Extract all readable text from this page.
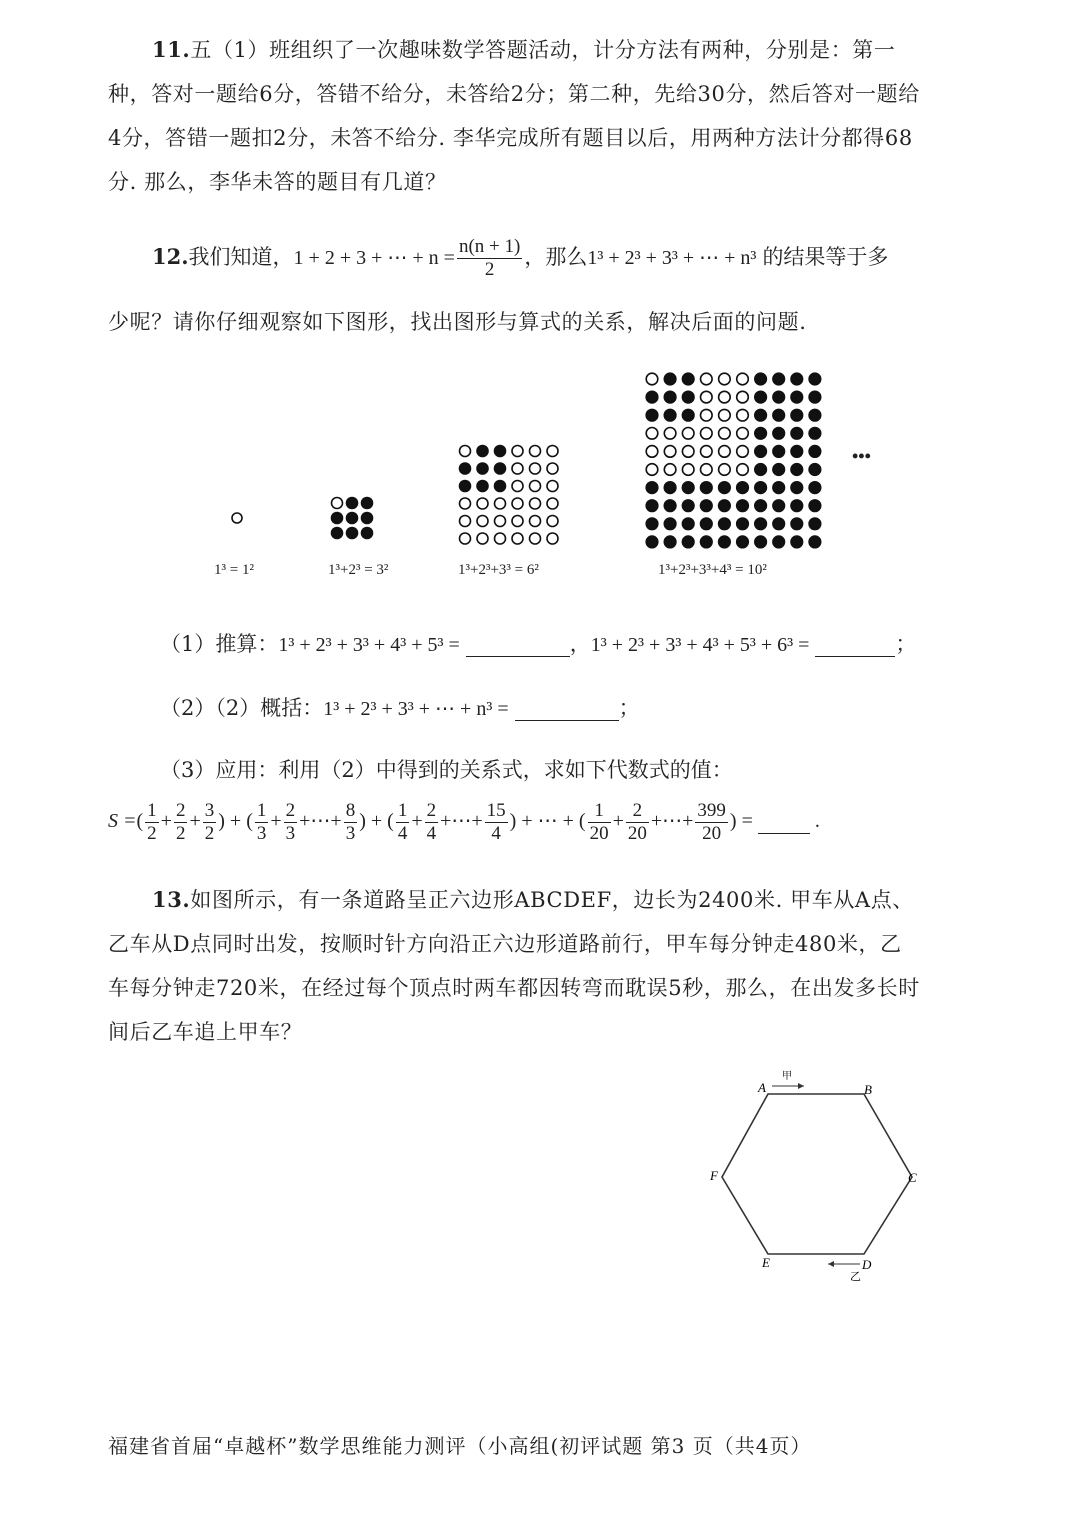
11.五（1）班组织了一次趣味数学答题活动，计分方法有两种，分别是：第一种，答对一题给6分，答错不给分，未答给2分；第二种，先给30分，然后答对一题给4分，答错一题扣2分，未答不给分. 李华完成所有题目以后，用两种方法计分都得68分. 那么，李华未答的题目有几道？

12.我们知道，1 + 2 + 3 + ⋯ + $n = \frac{n(n + 1)}{2}$ ，那么1³ + 2³ + 3³ + ⋯ + n³ 的结果等于多
少呢？请你仔细观察如下图形，找出图形与算式的关系，解决后面的问题.
1³ = 1²	1³+2³ = 3²	1³+2³+3³ = 6²	1³+2³+3³+4³ = 10²
•••
（1）推算：1³ + 2³ + 3³ + 4³ + 5³ =	，1³ + 2³ + 3³ + 4³ + 5³ + 6³ =	；
（2）（2）概括：1³ + 2³ + 3³ + ⋯ + n³ =	；
（3）应用：利用（2）中得到的关系式，求如下代数式的值：
S =( $\frac{1}{2} + \frac{2}{2} + \frac{3}{2}$ ) + ( $\frac{1}{3} + \frac{2}{3}$ +⋯+ $\frac{8}{3}$ ) + ( $\frac{1}{4} + \frac{2}{4}$ +⋯+ $\frac{15}{4}$ ) + ⋯ + ( $\frac{1}{20} + \frac{2}{20}$ +⋯+ $\frac{399}{20}$ ) =	.

13.如图所示，有一条道路呈正六边形ABCDEF，边长为2400米. 甲车从A点、乙车从D点同时出发，按顺时针方向沿正六边形道路前行，甲车每分钟走480米，乙车每分钟走720米，在经过每个顶点时两车都因转弯而耽误5秒，那么，在出发多长时间后乙车追上甲车？

A	B
C
D
E
F
甲
乙
福建省首届“卓越杯”数学思维能力测评（小高组(初评试题 第3 页（共4页）
